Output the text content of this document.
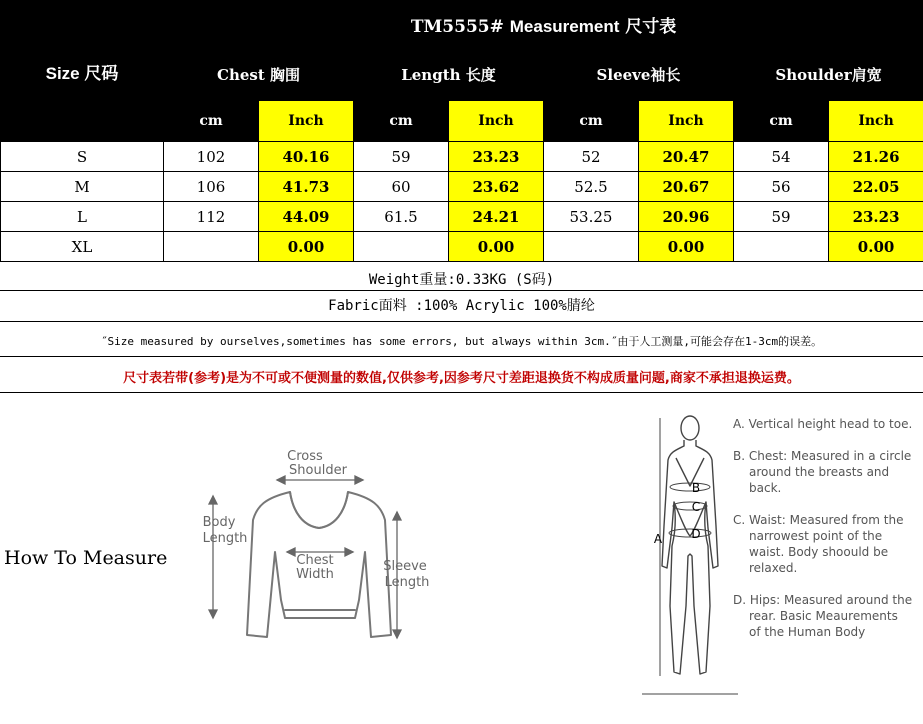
Size 尺码	TM5555# Measurement 尺寸表							
	Chest 胸围		Length 长度		Sleeve袖长		Shoulder肩宽	
	cm	Inch	cm	Inch	cm	Inch	cm	Inch
S	102	40.16	59	23.23	52	20.47	54	21.26
M	106	41.73	60	23.62	52.5	20.67	56	22.05
L	112	44.09	61.5	24.21	53.25	20.96	59	23.23
XL		0.00		0.00		0.00		0.00
Weight重量:0.33KG (S码)
Fabric面料 :100% Acrylic 100%腈纶
˝Size measured by ourselves,sometimes has some errors, but always within 3cm.˝由于人工测量,可能会存在1-3cm的误差。
尺寸表若带(参考)是为不可或不便测量的数值,仅供参考,因参考尺寸差距退换货不构成质量问题,商家不承担退换运费。
How To Measure
Cross
Shoulder
Body
Length
Chest
Width
Sleeve
Length
A
B
C
D
A. Vertical height head to toe.
B. Chest: Measured in a circle around the breasts and back.
C. Waist: Measured from the narrowest point of the waist. Body shoould be relaxed.
D. Hips: Measured around the rear. Basic Meaurements of the Human Body
